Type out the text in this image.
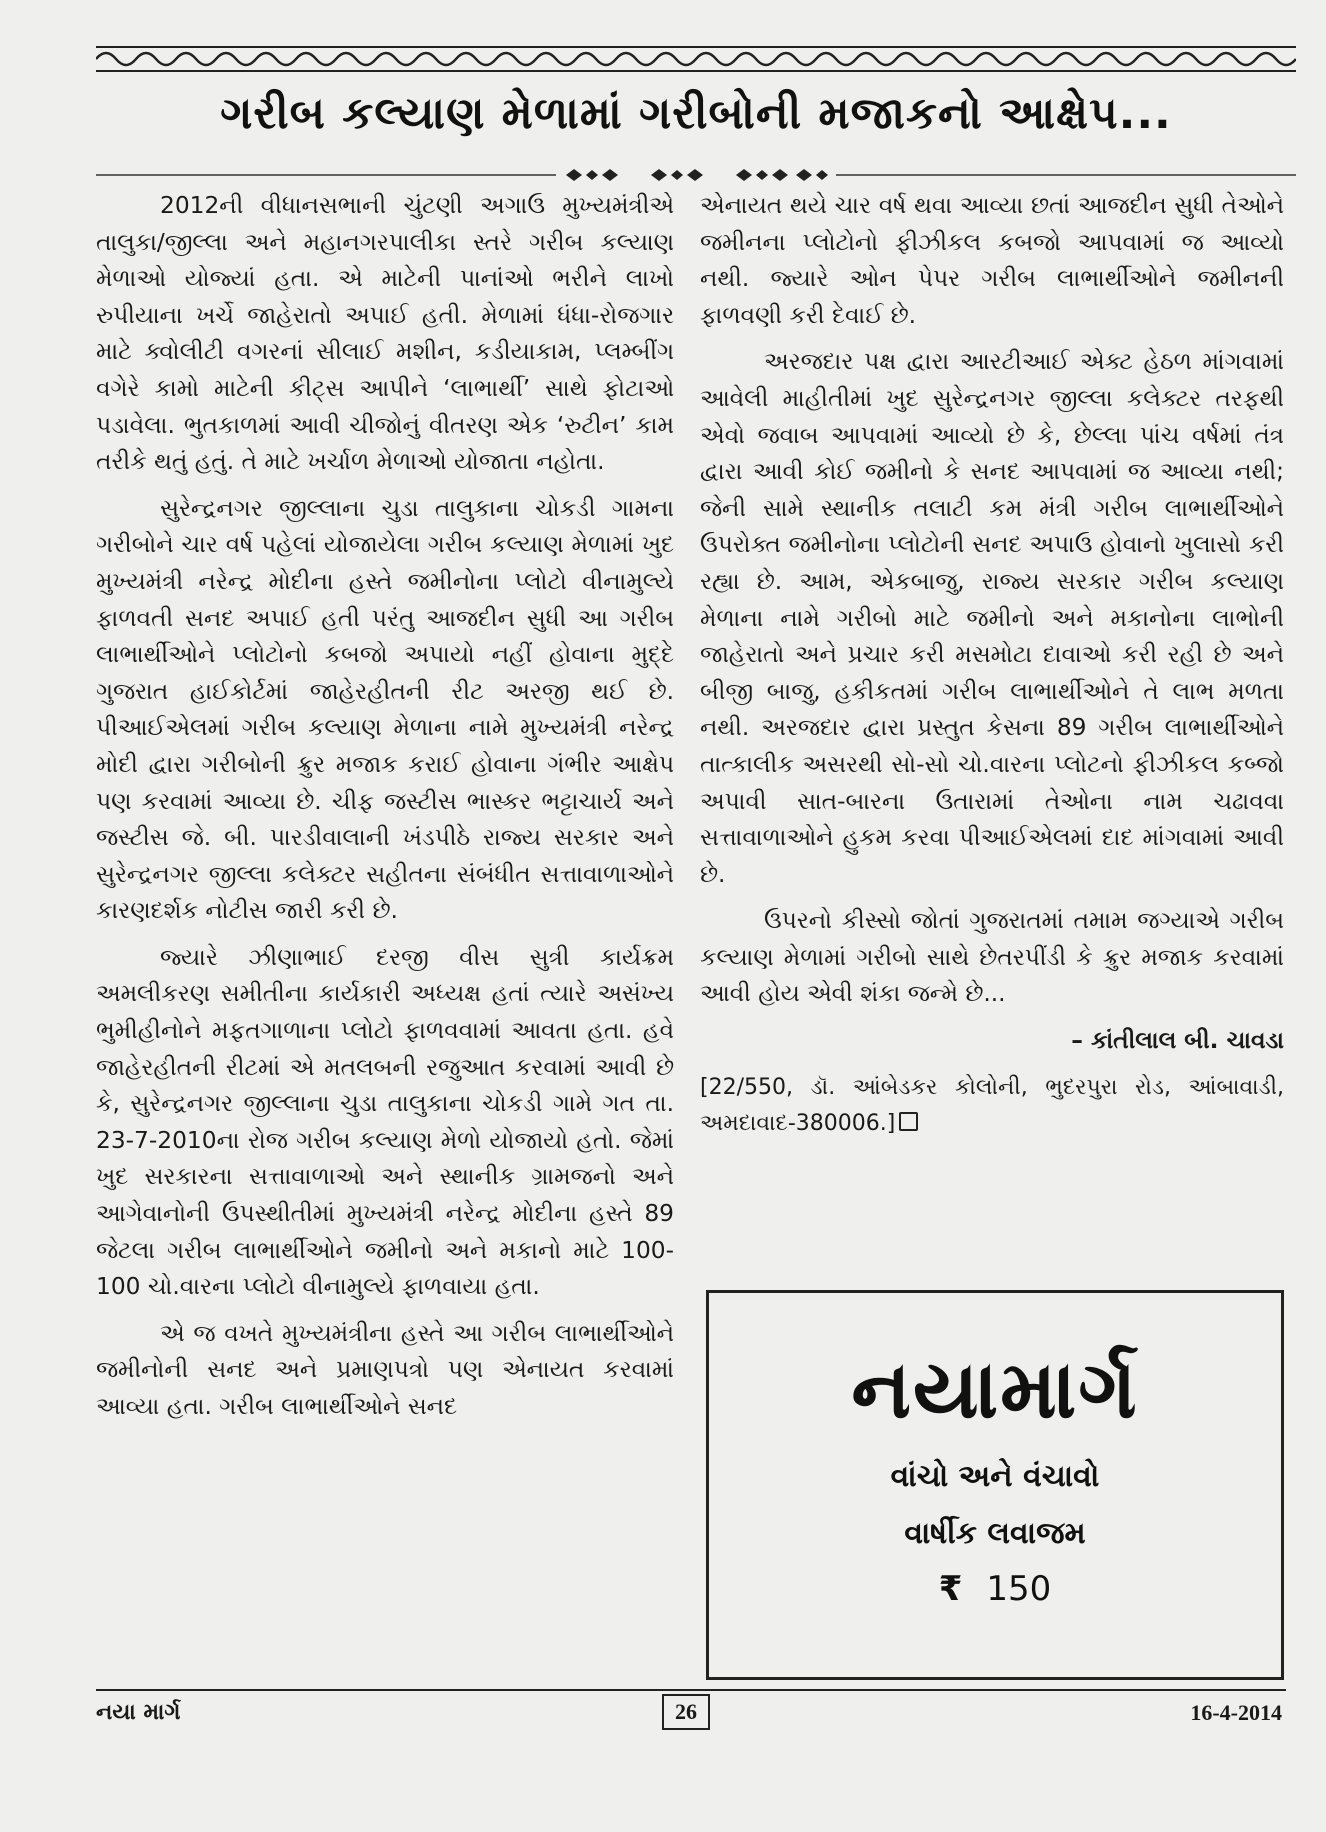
ગરીબ કલ્યાણ મેળામાં ગરીબોની મજાકનો આક્ષેપ...

2012ની વીધાનસભાની ચુંટણી અગાઉ મુખ્યમંત્રીએ તાલુકા/જીલ્લા અને મહાનગરપાલીકા સ્તરે ગરીબ કલ્યાણ મેળાઓ યોજ્યાં હતા. એ માટેની પાનાંઓ ભરીને લાખો રુપીયાના ખર્ચે જાહેરાતો અપાઈ હતી. મેળામાં ધંધા-રોજગાર માટે ક્વોલીટી વગરનાં સીલાઈ મશીન, કડીયાકામ, પ્લમ્બીંગ વગેરે કામો માટેની કીટ્સ આપીને ‘લાભાર્થી’ સાથે ફોટાઓ પડાવેલા. ભુતકાળમાં આવી ચીજોનું વીતરણ એક ‘રુટીન’ કામ તરીકે થતું હતું. તે માટે ખર્ચાળ મેળાઓ યોજાતા નહોતા.

સુરેન્દ્રનગર જીલ્લાના ચુડા તાલુકાના ચોકડી ગામના ગરીબોને ચાર વર્ષ પહેલાં યોજાયેલા ગરીબ કલ્યાણ મેળામાં ખુદ મુખ્યમંત્રી નરેન્દ્ર મોદીના હસ્તે જમીનોના પ્લોટો વીનામુલ્યે ફાળવતી સનદ અપાઈ હતી પરંતુ આજદીન સુધી આ ગરીબ લાભાર્થીઓને પ્લોટોનો કબજો અપાયો નહીં હોવાના મુદ્દે ગુજરાત હાઈકોર્ટમાં જાહેરહીતની રીટ અરજી થઈ છે. પીઆઈએલમાં ગરીબ કલ્યાણ મેળાના નામે મુખ્યમંત્રી નરેન્દ્ર મોદી દ્વારા ગરીબોની ક્રુર મજાક કરાઈ હોવાના ગંભીર આક્ષેપ પણ કરવામાં આવ્યા છે. ચીફ જસ્ટીસ ભાસ્કર ભટ્ટાચાર્ય અને જસ્ટીસ જે. બી. પારડીવાલાની ખંડપીઠે રાજ્ય સરકાર અને સુરેન્દ્રનગર જીલ્લા કલેક્ટર સહીતના સંબંધીત સત્તાવાળાઓને કારણદર્શક નોટીસ જારી કરી છે.

જ્યારે ઝીણાભાઈ દરજી વીસ સુત્રી કાર્યક્રમ અમલીકરણ સમીતીના કાર્યકારી અધ્યક્ષ હતાં ત્યારે અસંખ્ય ભુમીહીનોને મફતગાળાના પ્લોટો ફાળવવામાં આવતા હતા. હવે જાહેરહીતની રીટમાં એ મતલબની રજુઆત કરવામાં આવી છે કે, સુરેન્દ્રનગર જીલ્લાના ચુડા તાલુકાના ચોકડી ગામે ગત તા. 23-7-2010ના રોજ ગરીબ કલ્યાણ મેળો યોજાયો હતો. જેમાં ખુદ સરકારના સત્તાવાળાઓ અને સ્થાનીક ગ્રામજનો અને આગેવાનોની ઉપસ્થીતીમાં મુખ્યમંત્રી નરેન્દ્ર મોદીના હસ્તે 89 જેટલા ગરીબ લાભાર્થીઓને જમીનો અને મકાનો માટે 100-100 ચો.વારના પ્લોટો વીનામુલ્યે ફાળવાયા હતા.

એ જ વખતે મુખ્યમંત્રીના હસ્તે આ ગરીબ લાભાર્થીઓને જમીનોની સનદ અને પ્રમાણપત્રો પણ એનાયત કરવામાં આવ્યા હતા. ગરીબ લાભાર્થીઓને સનદ

એનાયત થયે ચાર વર્ષ થવા આવ્યા છતાં આજદીન સુધી તેઓને જમીનના પ્લોટોનો ફીઝીકલ કબજો આપવામાં જ આવ્યો નથી. જ્યારે ઓન પેપર ગરીબ લાભાર્થીઓને જમીનની ફાળવણી કરી દેવાઈ છે.

અરજદાર પક્ષ દ્વારા આરટીઆઈ એક્ટ હેઠળ માંગવામાં આવેલી માહીતીમાં ખુદ સુરેન્દ્રનગર જીલ્લા કલેક્ટર તરફથી એવો જવાબ આપવામાં આવ્યો છે કે, છેલ્લા પાંચ વર્ષમાં તંત્ર દ્વારા આવી કોઈ જમીનો કે સનદ આપવામાં જ આવ્યા નથી; જેની સામે સ્થાનીક તલાટી કમ મંત્રી ગરીબ લાભાર્થીઓને ઉપરોક્ત જમીનોના પ્લોટોની સનદ અપાઉ હોવાનો ખુલાસો કરી રહ્યા છે. આમ, એકબાજુ, રાજ્ય સરકાર ગરીબ કલ્યાણ મેળાના નામે ગરીબો માટે જમીનો અને મકાનોના લાભોની જાહેરાતો અને પ્રચાર કરી મસમોટા દાવાઓ કરી રહી છે અને બીજી બાજુ, હકીકતમાં ગરીબ લાભાર્થીઓને તે લાભ મળતા નથી. અરજદાર દ્વારા પ્રસ્તુત કેસના 89 ગરીબ લાભાર્થીઓને તાત્કાલીક અસરથી સો-સો ચો.વારના પ્લોટનો ફીઝીકલ કબ્જો અપાવી સાત-બારના ઉતારામાં તેઓના નામ ચઢાવવા સત્તાવાળાઓને હુકમ કરવા પીઆઈએલમાં દાદ માંગવામાં આવી છે.

ઉપરનો કીસ્સો જોતાં ગુજરાતમાં તમામ જગ્યાએ ગરીબ કલ્યાણ મેળામાં ગરીબો સાથે છેતરપીંડી કે ક્રુર મજાક કરવામાં આવી હોય એવી શંકા જન્મે છે...

– કાંતીલાલ બી. ચાવડા

[22/550, ડૉ. આંબેડકર કોલોની, ભુદરપુરા રોડ, આંબાવાડી, અમદાવાદ-380006.]

નયામાર્ગ
વાંચો અને વંચાવો
વાર્ષીક લવાજમ
₹ 150
નયા માર્ગ	26	16-4-2014
